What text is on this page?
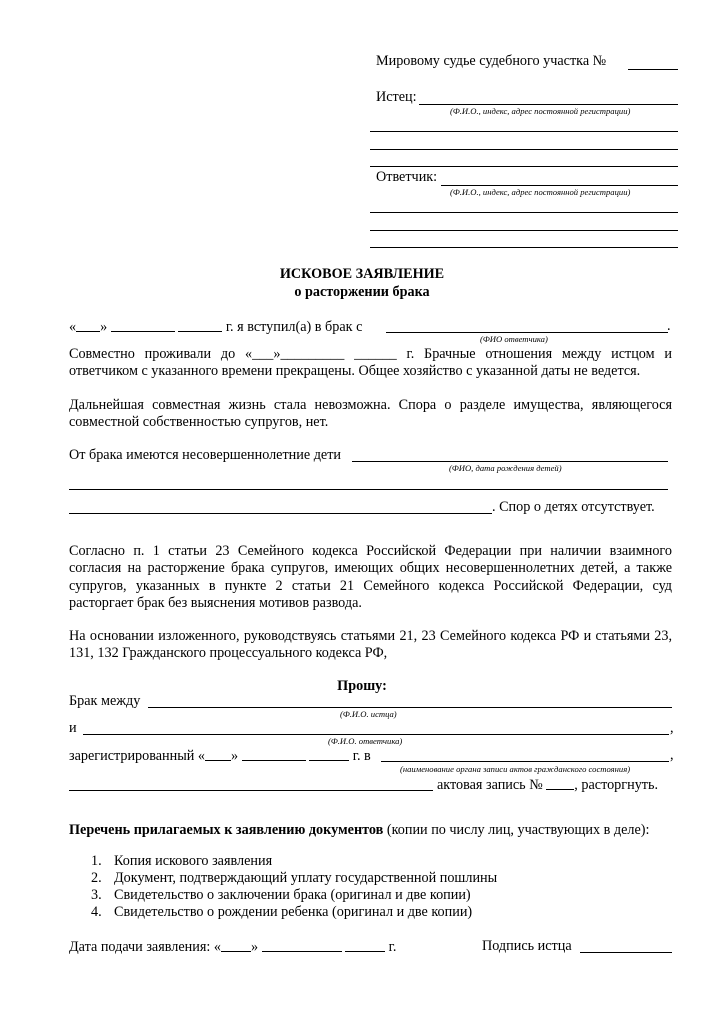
Мировому судье судебного участка №
Истец:
(Ф.И.О., индекс, адрес постоянной регистрации)
Ответчик:
(Ф.И.О., индекс, адрес постоянной регистрации)
ИСКОВОЕ ЗАЯВЛЕНИЕ
о расторжении брака
« »	г. я вступил(а) в брак с	.
(ФИО ответчика)
Совместно проживали до «___»_________ ______ г. Брачные отношения между истцом и ответчиком с указанного времени прекращены. Общее хозяйство с указанной даты не ведется.
Дальнейшая совместная жизнь стала невозможна. Спора о разделе имущества, являющегося совместной собственностью супругов, нет.
От брака имеются несовершеннолетние дети
(ФИО, дата рождения детей)
. Спор о детях отсутствует.
Согласно п. 1 статьи 23 Семейного кодекса Российской Федерации при наличии взаимного согласия на расторжение брака супругов, имеющих общих несовершеннолетних детей, а также супругов, указанных в пункте 2 статьи 21 Семейного кодекса Российской Федерации, суд расторгает брак без выяснения мотивов развода.
На основании изложенного, руководствуясь статьями 21, 23 Семейного кодекса РФ и статьями 23, 131, 132 Гражданского процессуального кодекса РФ,
Прошу:
Брак между
(Ф.И.О. истца)
и	,
(Ф.И.О. ответчика)
зарегистрированный « »	г. в	,
(наименование органа записи актов гражданского состояния)
актовая запись № , расторгнуть.
Перечень прилагаемых к заявлению документов (копии по числу лиц, участвующих в деле):
1. Копия искового заявления
2. Документ, подтверждающий уплату государственной пошлины
3. Свидетельство о заключении брака (оригинал и две копии)
4. Свидетельство о рождении ребенка (оригинал и две копии)
Дата подачи заявления: « »	г.	Подпись истца
